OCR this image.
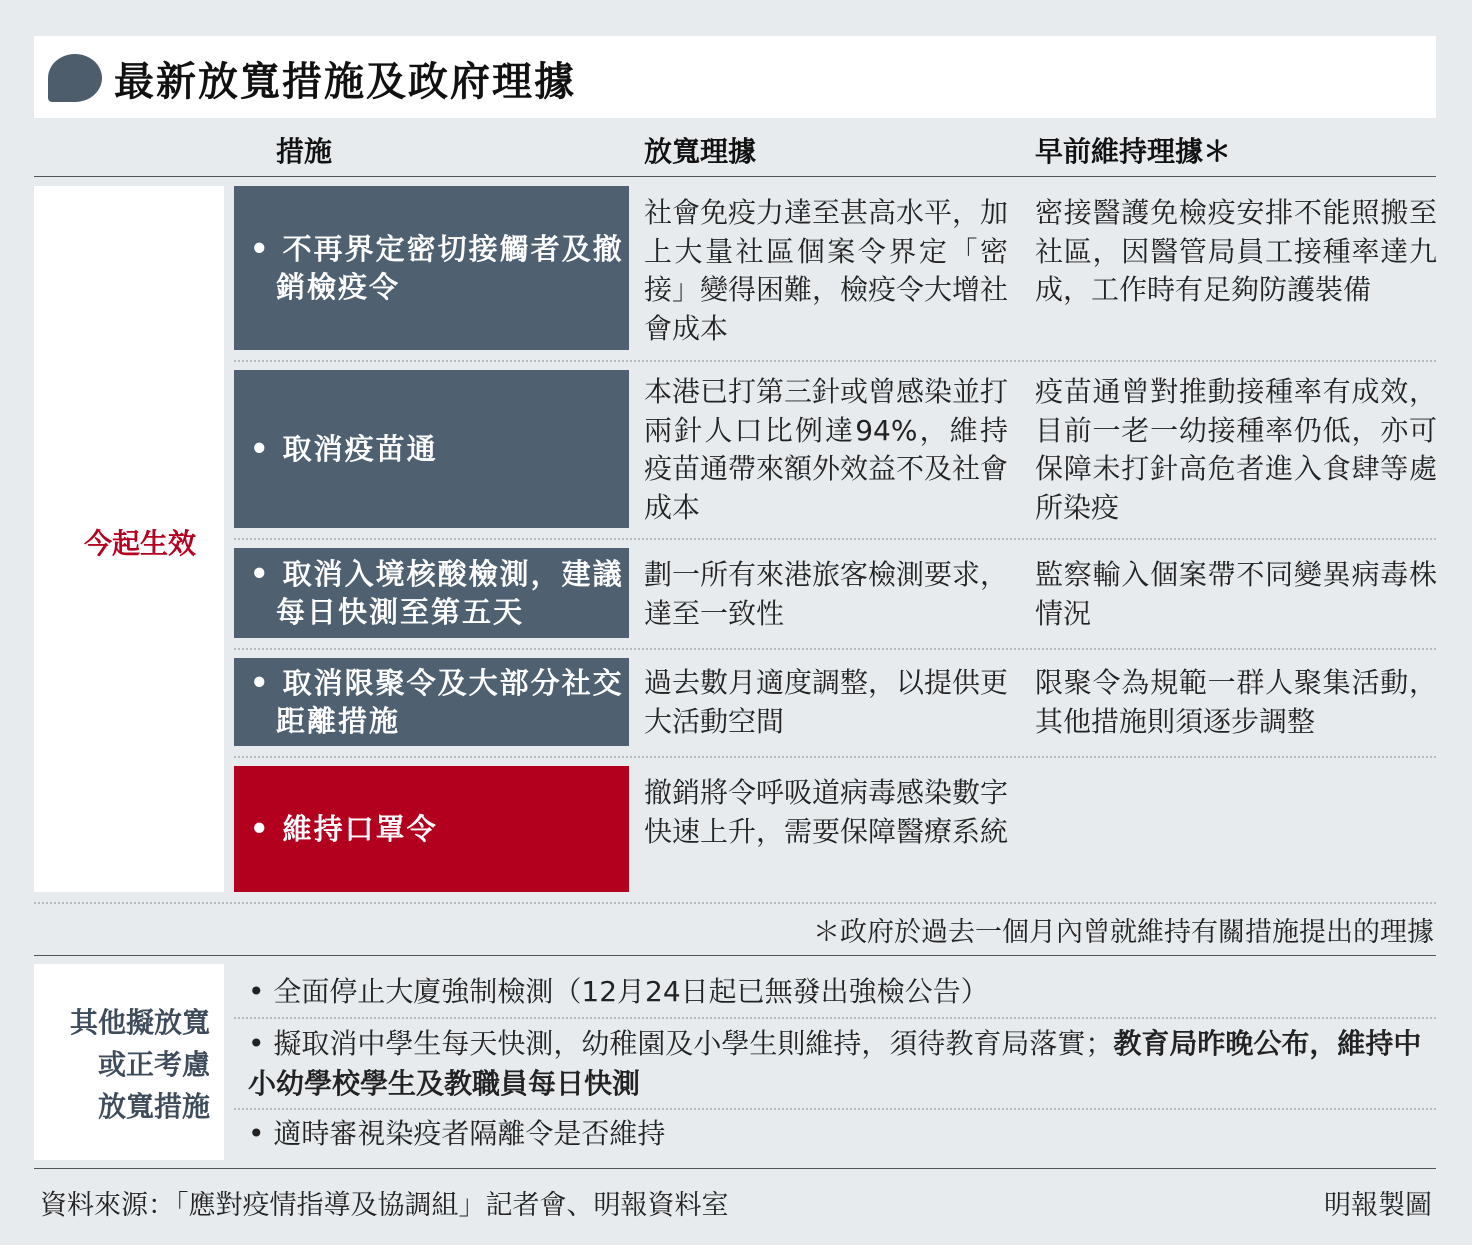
最新放寬措施及政府理據
措施	放寬理據	早前維持理據＊
今起生效
• 不再界定密切接觸者及撤銷檢疫令
社會免疫力達至甚高水平，加上大量社區個案令界定「密接」變得困難，檢疫令大增社會成本
密接醫護免檢疫安排不能照搬至社區，因醫管局員工接種率達九成，工作時有足夠防護裝備
• 取消疫苗通
本港已打第三針或曾感染並打兩針人口比例達94%，維持疫苗通帶來額外效益不及社會成本
疫苗通曾對推動接種率有成效，目前一老一幼接種率仍低，亦可保障未打針高危者進入食肆等處所染疫
• 取消入境核酸檢測，建議每日快測至第五天
劃一所有來港旅客檢測要求，達至一致性
監察輸入個案帶不同變異病毒株情況
• 取消限聚令及大部分社交距離措施
過去數月適度調整，以提供更大活動空間
限聚令為規範一群人聚集活動，其他措施則須逐步調整
• 維持口罩令
撤銷將令呼吸道病毒感染數字快速上升，需要保障醫療系統
＊政府於過去一個月內曾就維持有關措施提出的理據
其他擬放寬
或正考慮
放寬措施
• 全面停止大廈強制檢測（12月24日起已無發出強檢公告）
• 擬取消中學生每天快測，幼稚園及小學生則維持，須待教育局落實；教育局昨晚公布，維持中小幼學校學生及教職員每日快測
• 適時審視染疫者隔離令是否維持
資料來源：「應對疫情指導及協調組」記者會、明報資料室	明報製圖
